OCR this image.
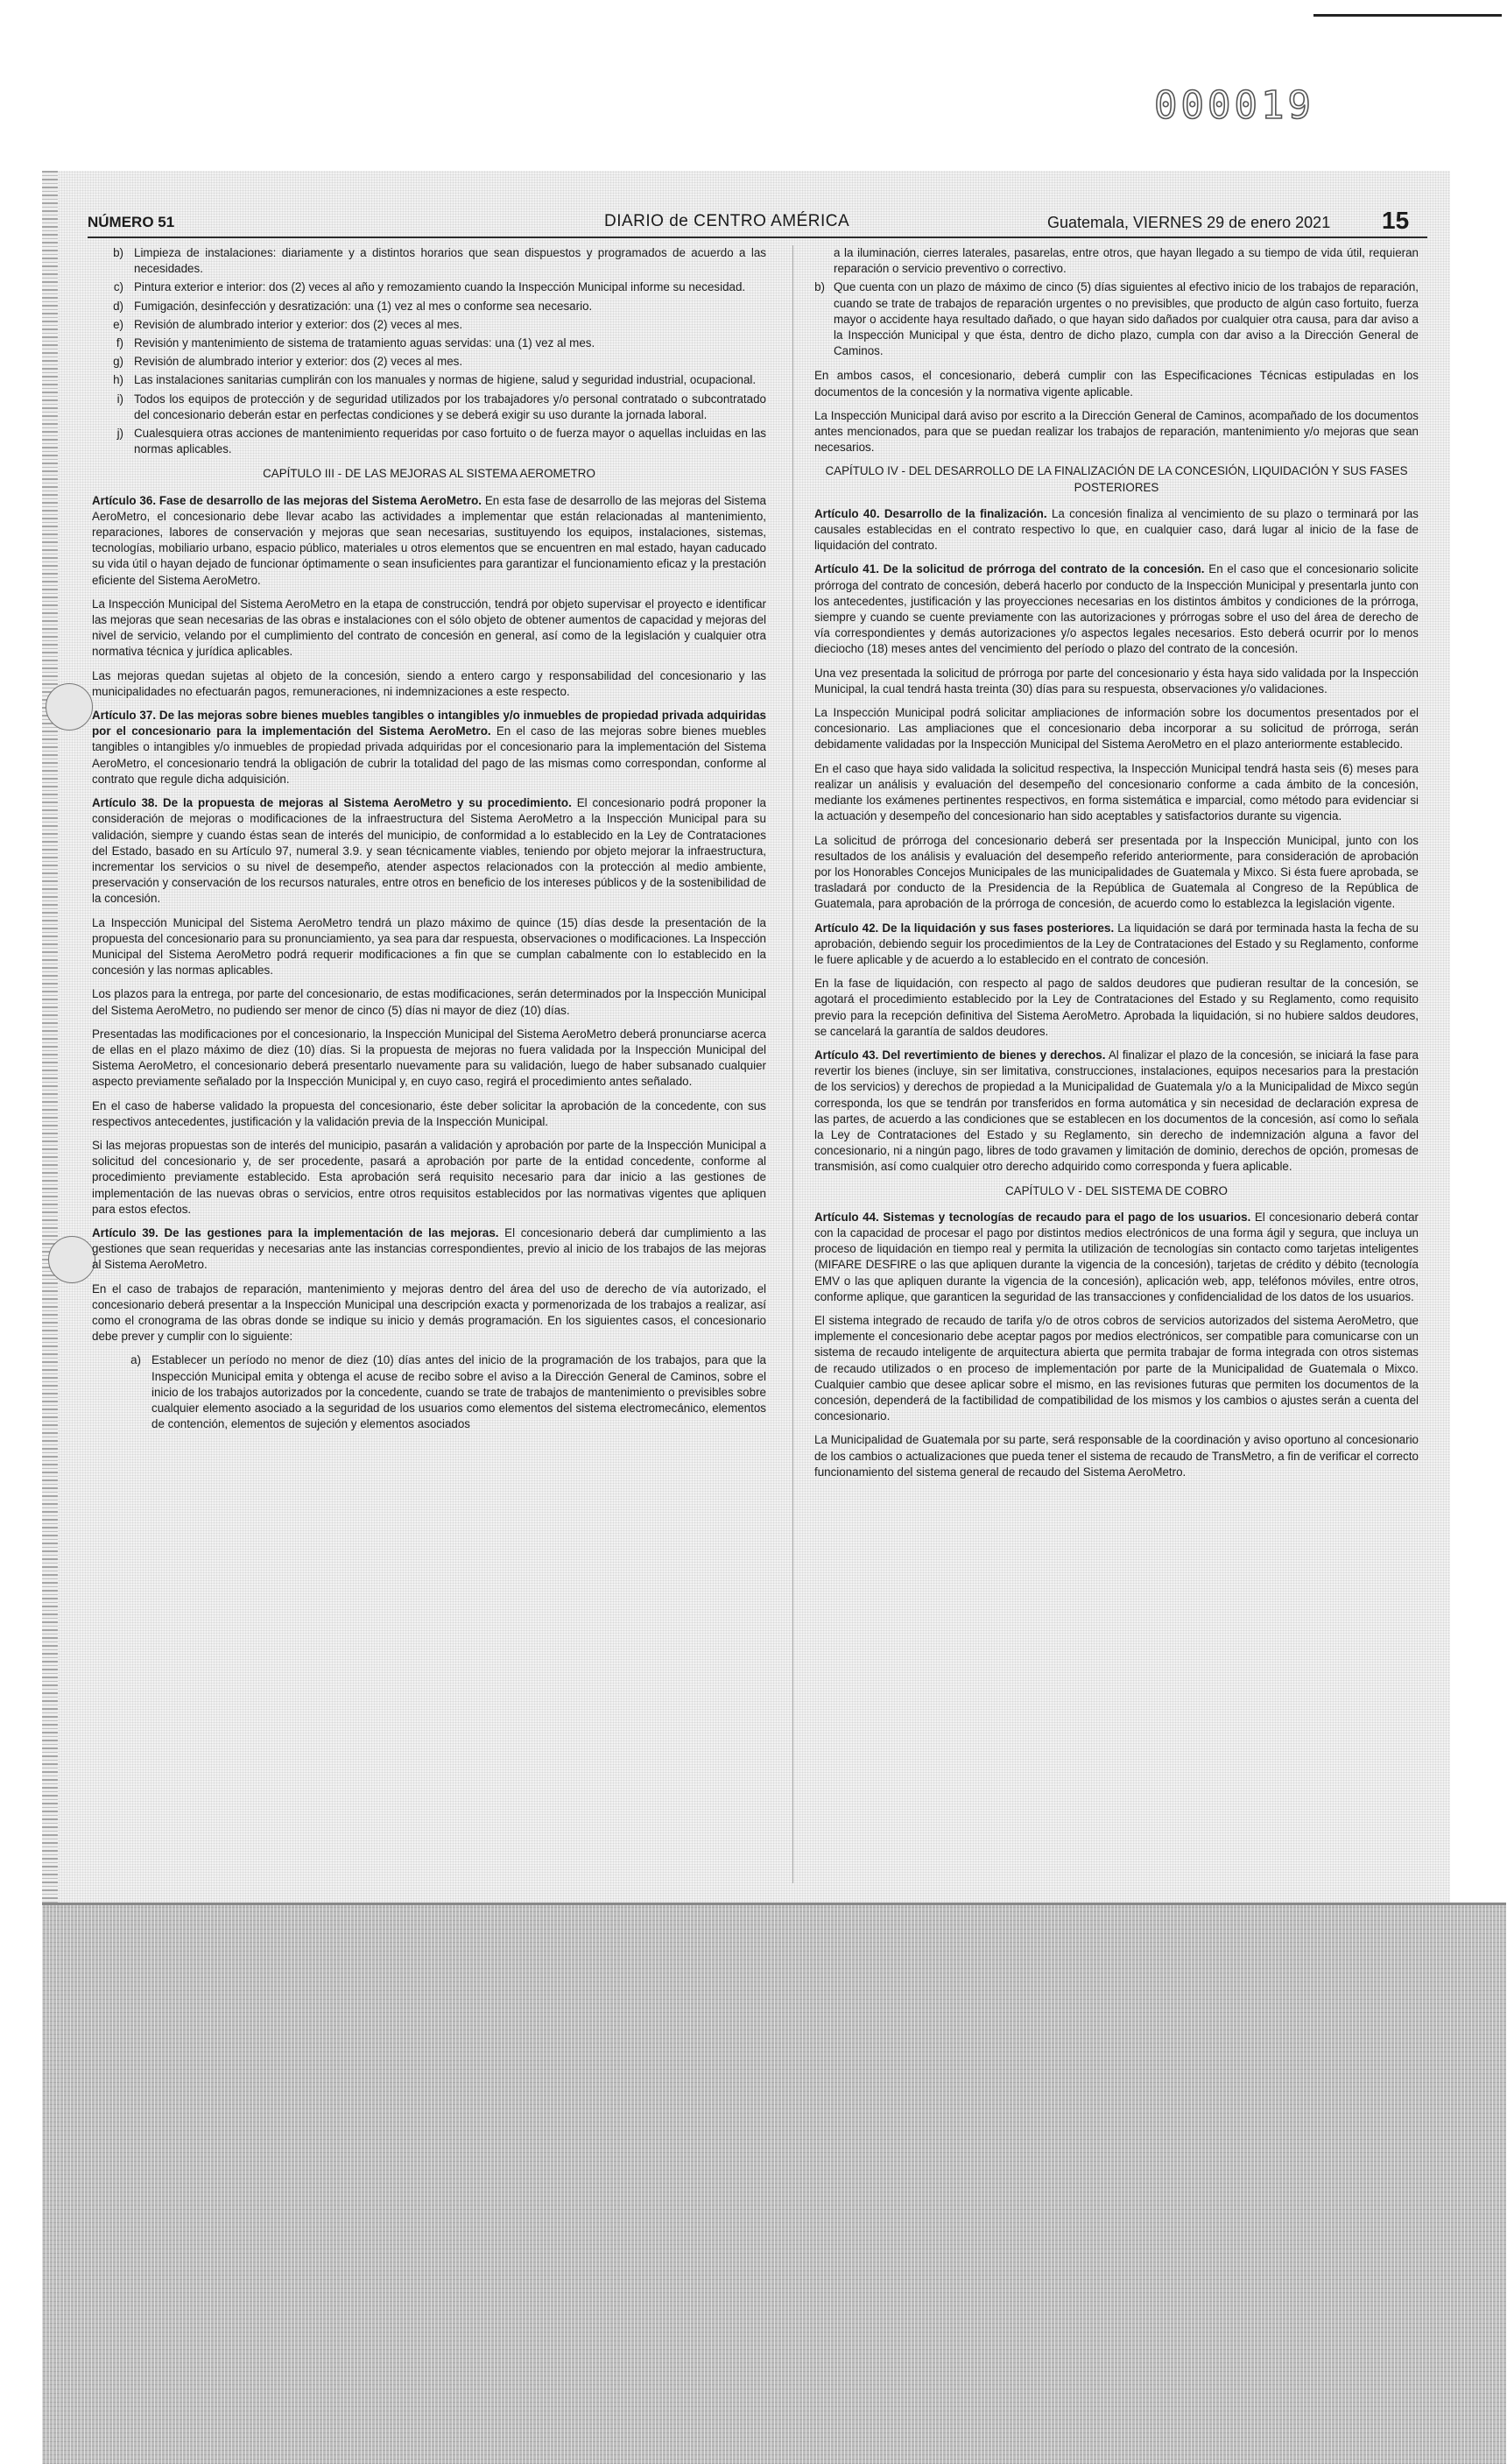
000019
NÚMERO 51	DIARIO de CENTRO AMÉRICA	Guatemala, VIERNES 29 de enero 2021 15
b) Limpieza de instalaciones: diariamente y a distintos horarios que sean dispuestos y programados de acuerdo a las necesidades.
c) Pintura exterior e interior: dos (2) veces al año y remozamiento cuando la Inspección Municipal informe su necesidad.
d) Fumigación, desinfección y desratización: una (1) vez al mes o conforme sea necesario.
e) Revisión de alumbrado interior y exterior: dos (2) veces al mes.
f) Revisión y mantenimiento de sistema de tratamiento aguas servidas: una (1) vez al mes.
g) Revisión de alumbrado interior y exterior: dos (2) veces al mes.
h) Las instalaciones sanitarias cumplirán con los manuales y normas de higiene, salud y seguridad industrial, ocupacional.
i) Todos los equipos de protección y de seguridad utilizados por los trabajadores y/o personal contratado o subcontratado del concesionario deberán estar en perfectas condiciones y se deberá exigir su uso durante la jornada laboral.
j) Cualesquiera otras acciones de mantenimiento requeridas por caso fortuito o de fuerza mayor o aquellas incluidas en las normas aplicables.
CAPÍTULO III - DE LAS MEJORAS AL SISTEMA AEROMETRO

Artículo 36. Fase de desarrollo de las mejoras del Sistema AeroMetro. En esta fase de desarrollo de las mejoras del Sistema AeroMetro, el concesionario debe llevar acabo las actividades a implementar que están relacionadas al mantenimiento, reparaciones, labores de conservación y mejoras que sean necesarias, sustituyendo los equipos, instalaciones, sistemas, tecnologías, mobiliario urbano, espacio público, materiales u otros elementos que se encuentren en mal estado, hayan caducado su vida útil o hayan dejado de funcionar óptimamente o sean insuficientes para garantizar el funcionamiento eficaz y la prestación eficiente del Sistema AeroMetro.

La Inspección Municipal del Sistema AeroMetro en la etapa de construcción, tendrá por objeto supervisar el proyecto e identificar las mejoras que sean necesarias de las obras e instalaciones con el sólo objeto de obtener aumentos de capacidad y mejoras del nivel de servicio, velando por el cumplimiento del contrato de concesión en general, así como de la legislación y cualquier otra normativa técnica y jurídica aplicables.

Las mejoras quedan sujetas al objeto de la concesión, siendo a entero cargo y responsabilidad del concesionario y las municipalidades no efectuarán pagos, remuneraciones, ni indemnizaciones a este respecto.

Artículo 37. De las mejoras sobre bienes muebles tangibles o intangibles y/o inmuebles de propiedad privada adquiridas por el concesionario para la implementación del Sistema AeroMetro. En el caso de las mejoras sobre bienes muebles tangibles o intangibles y/o inmuebles de propiedad privada adquiridas por el concesionario para la implementación del Sistema AeroMetro, el concesionario tendrá la obligación de cubrir la totalidad del pago de las mismas como correspondan, conforme al contrato que regule dicha adquisición.

Artículo 38. De la propuesta de mejoras al Sistema AeroMetro y su procedimiento. El concesionario podrá proponer la consideración de mejoras o modificaciones de la infraestructura del Sistema AeroMetro a la Inspección Municipal para su validación, siempre y cuando éstas sean de interés del municipio, de conformidad a lo establecido en la Ley de Contrataciones del Estado, basado en su Artículo 97, numeral 3.9. y sean técnicamente viables, teniendo por objeto mejorar la infraestructura, incrementar los servicios o su nivel de desempeño, atender aspectos relacionados con la protección al medio ambiente, preservación y conservación de los recursos naturales, entre otros en beneficio de los intereses públicos y de la sostenibilidad de la concesión.

La Inspección Municipal del Sistema AeroMetro tendrá un plazo máximo de quince (15) días desde la presentación de la propuesta del concesionario para su pronunciamiento, ya sea para dar respuesta, observaciones o modificaciones. La Inspección Municipal del Sistema AeroMetro podrá requerir modificaciones a fin que se cumplan cabalmente con lo establecido en la concesión y las normas aplicables.

Los plazos para la entrega, por parte del concesionario, de estas modificaciones, serán determinados por la Inspección Municipal del Sistema AeroMetro, no pudiendo ser menor de cinco (5) días ni mayor de diez (10) días.

Presentadas las modificaciones por el concesionario, la Inspección Municipal del Sistema AeroMetro deberá pronunciarse acerca de ellas en el plazo máximo de diez (10) días. Si la propuesta de mejoras no fuera validada por la Inspección Municipal del Sistema AeroMetro, el concesionario deberá presentarlo nuevamente para su validación, luego de haber subsanado cualquier aspecto previamente señalado por la Inspección Municipal y, en cuyo caso, regirá el procedimiento antes señalado.

En el caso de haberse validado la propuesta del concesionario, éste deber solicitar la aprobación de la concedente, con sus respectivos antecedentes, justificación y la validación previa de la Inspección Municipal.

Si las mejoras propuestas son de interés del municipio, pasarán a validación y aprobación por parte de la Inspección Municipal a solicitud del concesionario y, de ser procedente, pasará a aprobación por parte de la entidad concedente, conforme al procedimiento previamente establecido. Esta aprobación será requisito necesario para dar inicio a las gestiones de implementación de las nuevas obras o servicios, entre otros requisitos establecidos por las normativas vigentes que apliquen para estos efectos.

Artículo 39. De las gestiones para la implementación de las mejoras. El concesionario deberá dar cumplimiento a las gestiones que sean requeridas y necesarias ante las instancias correspondientes, previo al inicio de los trabajos de las mejoras al Sistema AeroMetro.

En el caso de trabajos de reparación, mantenimiento y mejoras dentro del área del uso de derecho de vía autorizado, el concesionario deberá presentar a la Inspección Municipal una descripción exacta y pormenorizada de los trabajos a realizar, así como el cronograma de las obras donde se indique su inicio y demás programación. En los siguientes casos, el concesionario debe prever y cumplir con lo siguiente:

a) Establecer un período no menor de diez (10) días antes del inicio de la programación de los trabajos, para que la Inspección Municipal emita y obtenga el acuse de recibo sobre el aviso a la Dirección General de Caminos, sobre el inicio de los trabajos autorizados por la concedente, cuando se trate de trabajos de mantenimiento o previsibles sobre cualquier elemento asociado a la seguridad de los usuarios como elementos del sistema electromecánico, elementos de contención, elementos de sujeción y elementos asociados
a la iluminación, cierres laterales, pasarelas, entre otros, que hayan llegado a su tiempo de vida útil, requieran reparación o servicio preventivo o correctivo.
b) Que cuenta con un plazo de máximo de cinco (5) días siguientes al efectivo inicio de los trabajos de reparación, cuando se trate de trabajos de reparación urgentes o no previsibles, que producto de algún caso fortuito, fuerza mayor o accidente haya resultado dañado, o que hayan sido dañados por cualquier otra causa, para dar aviso a la Inspección Municipal y que ésta, dentro de dicho plazo, cumpla con dar aviso a la Dirección General de Caminos.

En ambos casos, el concesionario, deberá cumplir con las Especificaciones Técnicas estipuladas en los documentos de la concesión y la normativa vigente aplicable.

La Inspección Municipal dará aviso por escrito a la Dirección General de Caminos, acompañado de los documentos antes mencionados, para que se puedan realizar los trabajos de reparación, mantenimiento y/o mejoras que sean necesarios.

CAPÍTULO IV - DEL DESARROLLO DE LA FINALIZACIÓN DE LA CONCESIÓN, LIQUIDACIÓN Y SUS FASES POSTERIORES

Artículo 40. Desarrollo de la finalización. La concesión finaliza al vencimiento de su plazo o terminará por las causales establecidas en el contrato respectivo lo que, en cualquier caso, dará lugar al inicio de la fase de liquidación del contrato.

Artículo 41. De la solicitud de prórroga del contrato de la concesión. En el caso que el concesionario solicite prórroga del contrato de concesión, deberá hacerlo por conducto de la Inspección Municipal y presentarla junto con los antecedentes, justificación y las proyecciones necesarias en los distintos ámbitos y condiciones de la prórroga, siempre y cuando se cuente previamente con las autorizaciones y prórrogas sobre el uso del área de derecho de vía correspondientes y demás autorizaciones y/o aspectos legales necesarios. Esto deberá ocurrir por lo menos dieciocho (18) meses antes del vencimiento del período o plazo del contrato de la concesión.

Una vez presentada la solicitud de prórroga por parte del concesionario y ésta haya sido validada por la Inspección Municipal, la cual tendrá hasta treinta (30) días para su respuesta, observaciones y/o validaciones.

La Inspección Municipal podrá solicitar ampliaciones de información sobre los documentos presentados por el concesionario. Las ampliaciones que el concesionario deba incorporar a su solicitud de prórroga, serán debidamente validadas por la Inspección Municipal del Sistema AeroMetro en el plazo anteriormente establecido.

En el caso que haya sido validada la solicitud respectiva, la Inspección Municipal tendrá hasta seis (6) meses para realizar un análisis y evaluación del desempeño del concesionario conforme a cada ámbito de la concesión, mediante los exámenes pertinentes respectivos, en forma sistemática e imparcial, como método para evidenciar si la actuación y desempeño del concesionario han sido aceptables y satisfactorios durante su vigencia.

La solicitud de prórroga del concesionario deberá ser presentada por la Inspección Municipal, junto con los resultados de los análisis y evaluación del desempeño referido anteriormente, para consideración de aprobación por los Honorables Concejos Municipales de las municipalidades de Guatemala y Mixco. Si ésta fuere aprobada, se trasladará por conducto de la Presidencia de la República de Guatemala al Congreso de la República de Guatemala, para aprobación de la prórroga de concesión, de acuerdo como lo establezca la legislación vigente.

Artículo 42. De la liquidación y sus fases posteriores. La liquidación se dará por terminada hasta la fecha de su aprobación, debiendo seguir los procedimientos de la Ley de Contrataciones del Estado y su Reglamento, conforme le fuere aplicable y de acuerdo a lo establecido en el contrato de concesión.

En la fase de liquidación, con respecto al pago de saldos deudores que pudieran resultar de la concesión, se agotará el procedimiento establecido por la Ley de Contrataciones del Estado y su Reglamento, como requisito previo para la recepción definitiva del Sistema AeroMetro. Aprobada la liquidación, si no hubiere saldos deudores, se cancelará la garantía de saldos deudores.

Artículo 43. Del revertimiento de bienes y derechos. Al finalizar el plazo de la concesión, se iniciará la fase para revertir los bienes (incluye, sin ser limitativa, construcciones, instalaciones, equipos necesarios para la prestación de los servicios) y derechos de propiedad a la Municipalidad de Guatemala y/o a la Municipalidad de Mixco según corresponda, los que se tendrán por transferidos en forma automática y sin necesidad de declaración expresa de las partes, de acuerdo a las condiciones que se establecen en los documentos de la concesión, así como lo señala la Ley de Contrataciones del Estado y su Reglamento, sin derecho de indemnización alguna a favor del concesionario, ni a ningún pago, libres de todo gravamen y limitación de dominio, derechos de opción, promesas de transmisión, así como cualquier otro derecho adquirido como corresponda y fuera aplicable.

CAPÍTULO V - DEL SISTEMA DE COBRO

Artículo 44. Sistemas y tecnologías de recaudo para el pago de los usuarios. El concesionario deberá contar con la capacidad de procesar el pago por distintos medios electrónicos de una forma ágil y segura, que incluya un proceso de liquidación en tiempo real y permita la utilización de tecnologías sin contacto como tarjetas inteligentes (MIFARE DESFIRE o las que apliquen durante la vigencia de la concesión), tarjetas de crédito y débito (tecnología EMV o las que apliquen durante la vigencia de la concesión), aplicación web, app, teléfonos móviles, entre otros, conforme aplique, que garanticen la seguridad de las transacciones y confidencialidad de los datos de los usuarios.

El sistema integrado de recaudo de tarifa y/o de otros cobros de servicios autorizados del sistema AeroMetro, que implemente el concesionario debe aceptar pagos por medios electrónicos, ser compatible para comunicarse con un sistema de recaudo inteligente de arquitectura abierta que permita trabajar de forma integrada con otros sistemas de recaudo utilizados o en proceso de implementación por parte de la Municipalidad de Guatemala o Mixco. Cualquier cambio que desee aplicar sobre el mismo, en las revisiones futuras que permiten los documentos de la concesión, dependerá de la factibilidad de compatibilidad de los mismos y los cambios o ajustes serán a cuenta del concesionario.

La Municipalidad de Guatemala por su parte, será responsable de la coordinación y aviso oportuno al concesionario de los cambios o actualizaciones que pueda tener el sistema de recaudo de TransMetro, a fin de verificar el correcto funcionamiento del sistema general de recaudo del Sistema AeroMetro.
